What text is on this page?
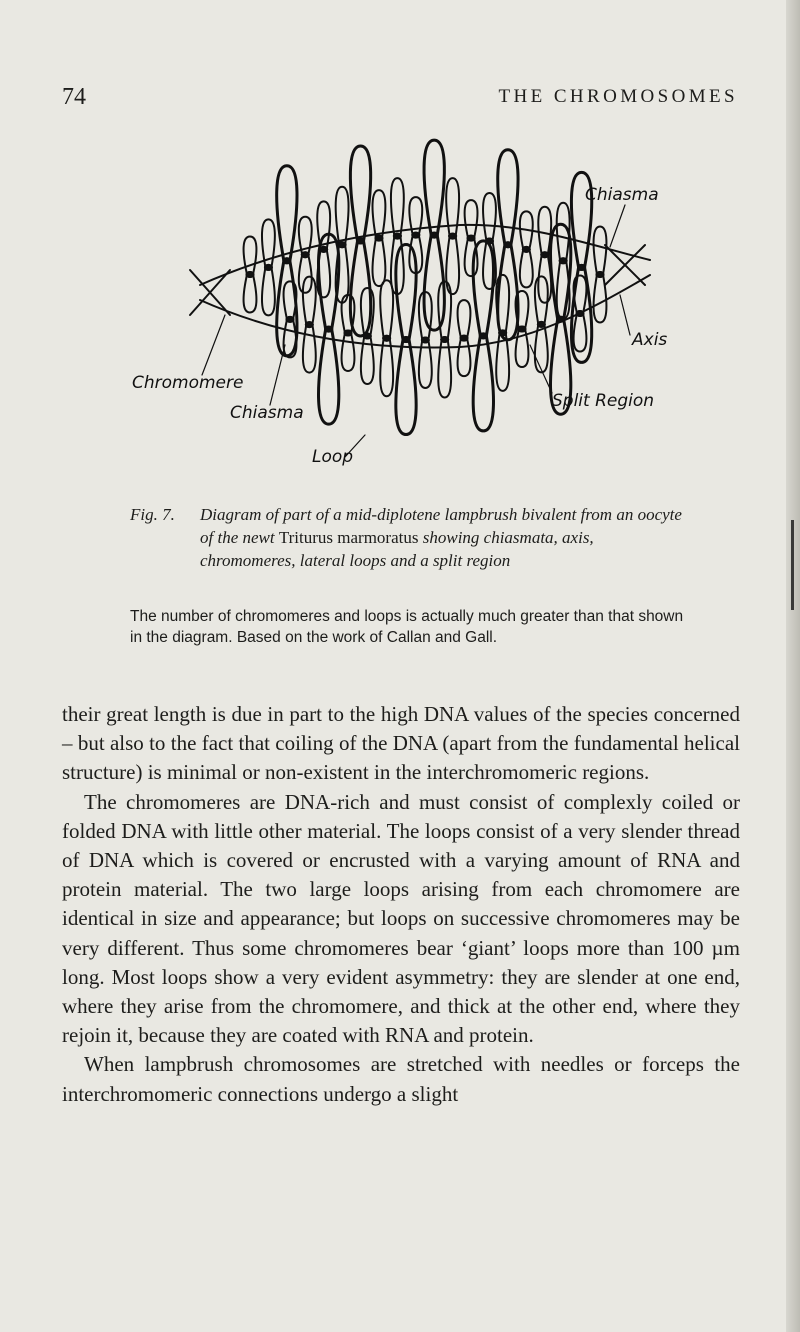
74	THE CHROMOSOMES
Chiasma
Axis
Chromomere
Split Region
Chiasma
Loop
Fig. 7.	Diagram of part of a mid-diplotene lampbrush bivalent from an oocyte of the newt Triturus marmoratus showing chiasmata, axis, chromomeres, lateral loops and a split region
The number of chromomeres and loops is actually much greater than that shown in the diagram. Based on the work of Callan and Gall.

their great length is due in part to the high DNA values of the species concerned – but also to the fact that coiling of the DNA (apart from the fundamental helical structure) is minimal or non-existent in the interchromomeric regions.

The chromomeres are DNA-rich and must consist of complexly coiled or folded DNA with little other material. The loops consist of a very slender thread of DNA which is covered or encrusted with a varying amount of RNA and protein material. The two large loops arising from each chromomere are identical in size and appearance; but loops on successive chromomeres may be very different. Thus some chromomeres bear ‘giant’ loops more than 100 µm long. Most loops show a very evident asymmetry: they are slender at one end, where they arise from the chromomere, and thick at the other end, where they rejoin it, because they are coated with RNA and protein.

When lampbrush chromosomes are stretched with needles or forceps the interchromomeric connections undergo a slight
